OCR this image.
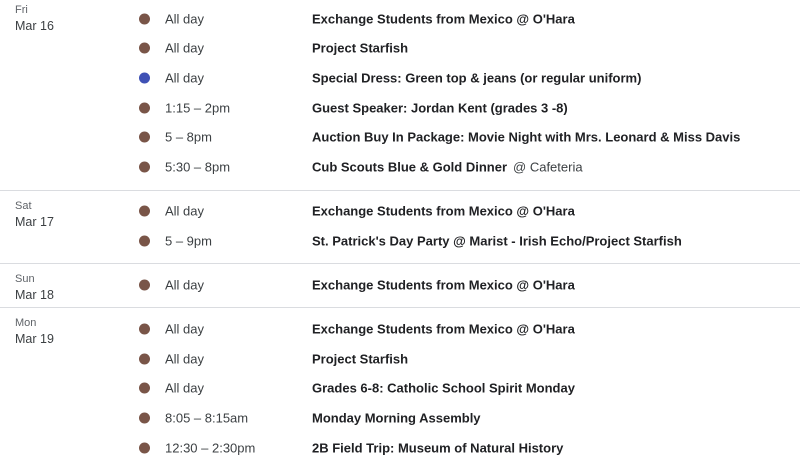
Fri
Mar 16	All day	Exchange Students from Mexico @ O'Hara
All day	Project Starfish
All day	Special Dress: Green top & jeans (or regular uniform)
1:15 – 2pm	Guest Speaker: Jordan Kent (grades 3 -8)
5 – 8pm	Auction Buy In Package: Movie Night with Mrs. Leonard & Miss Davis
5:30 – 8pm	Cub Scouts Blue & Gold Dinner @ Cafeteria
Sat
Mar 17
All day	Exchange Students from Mexico @ O'Hara
5 – 9pm	St. Patrick's Day Party @ Marist - Irish Echo/Project Starfish
Sun
Mar 18
All day	Exchange Students from Mexico @ O'Hara
Mon
Mar 19
All day	Exchange Students from Mexico @ O'Hara
All day	Project Starfish
All day	Grades 6-8: Catholic School Spirit Monday
8:05 – 8:15am	Monday Morning Assembly
12:30 – 2:30pm	2B Field Trip: Museum of Natural History
